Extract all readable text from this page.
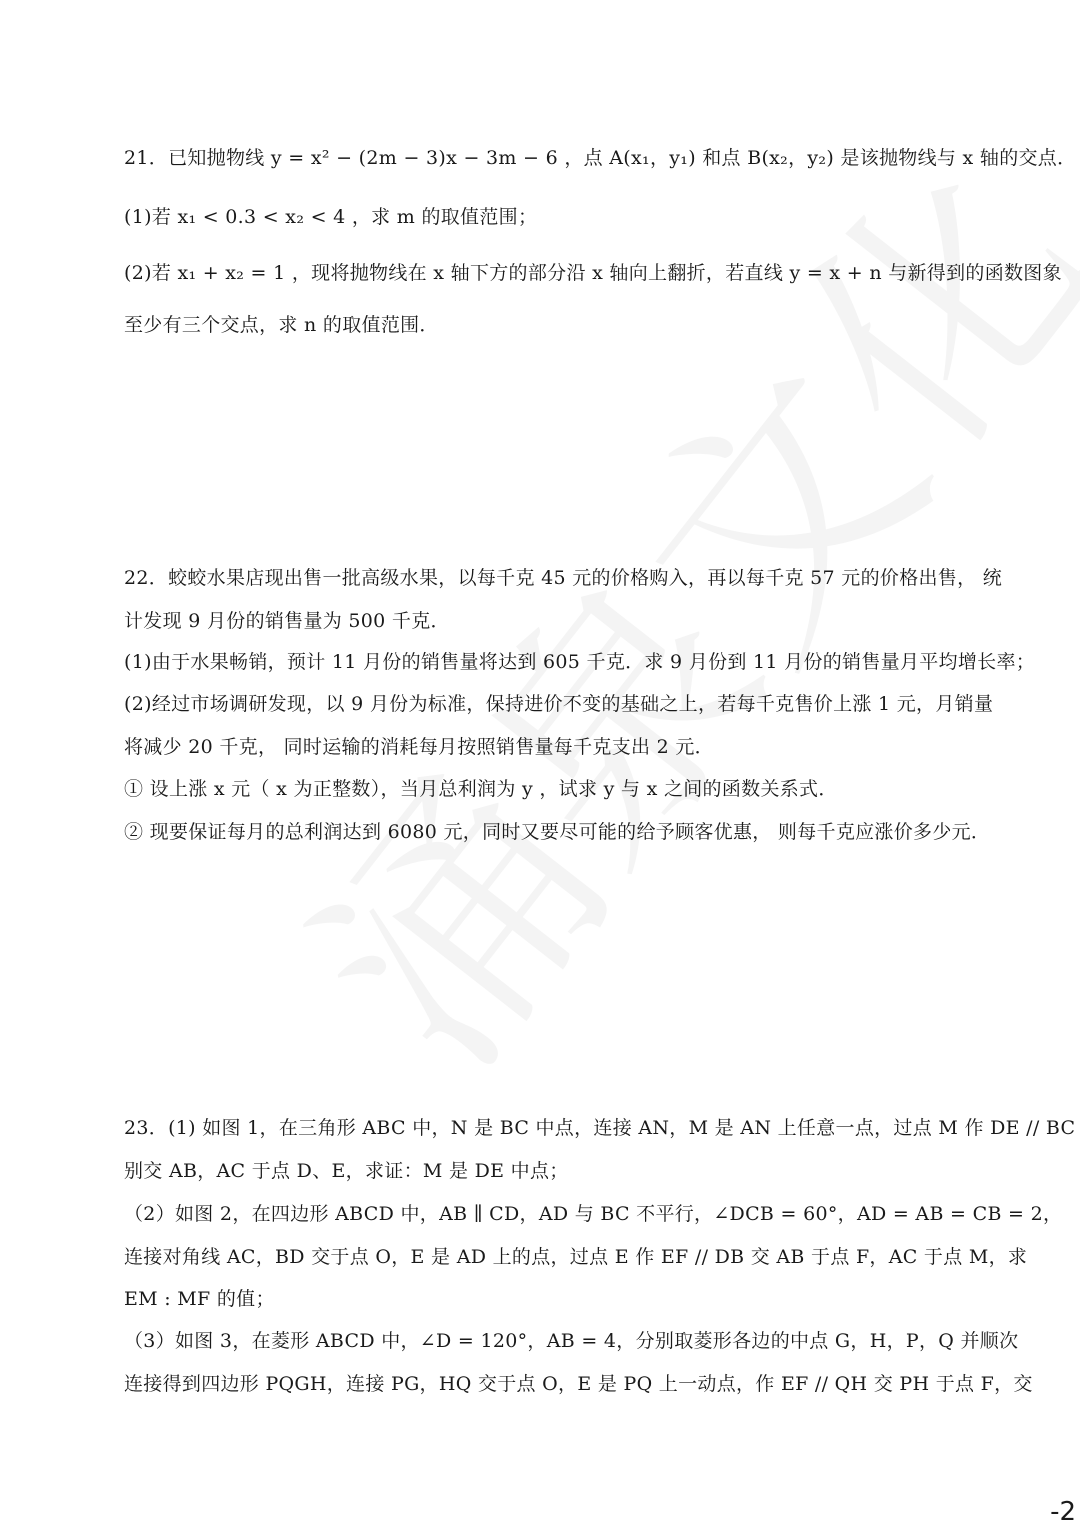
21．已知抛物线 y = x² − (2m − 3)x − 3m − 6 ，点 A(x₁，y₁) 和点 B(x₂，y₂) 是该抛物线与 x 轴的交点．
(1)若 x₁ < 0.3 < x₂ < 4 ，求 m 的取值范围；
(2)若 x₁ + x₂ = 1 ，现将抛物线在 x 轴下方的部分沿 x 轴向上翻折，若直线 y = x + n 与新得到的函数图象
至少有三个交点，求 n 的取值范围．
22．蛟蛟水果店现出售一批高级水果，以每千克 45 元的价格购入，再以每千克 57 元的价格出售， 统
计发现 9 月份的销售量为 500 千克．
(1)由于水果畅销，预计 11 月份的销售量将达到 605 千克．求 9 月份到 11 月份的销售量月平均增长率；
(2)经过市场调研发现，以 9 月份为标准，保持进价不变的基础之上，若每千克售价上涨 1 元，月销量
将减少 20 千克， 同时运输的消耗每月按照销售量每千克支出 2 元．
① 设上涨 x 元（ x 为正整数），当月总利润为 y ，试求 y 与 x 之间的函数关系式．
② 现要保证每月的总利润达到 6080 元，同时又要尽可能的给予顾客优惠， 则每千克应涨价多少元．
23．(1) 如图 1，在三角形 ABC 中，N 是 BC 中点，连接 AN，M 是 AN 上任意一点，过点 M 作 DE // BC
别交 AB，AC 于点 D、E，求证：M 是 DE 中点；
（2）如图 2，在四边形 ABCD 中，AB ∥ CD，AD 与 BC 不平行，∠DCB = 60°，AD = AB = CB = 2，
连接对角线 AC，BD 交于点 O，E 是 AD 上的点，过点 E 作 EF // DB 交 AB 于点 F，AC 于点 M，求
EM : MF 的值；
（3）如图 3，在菱形 ABCD 中，∠D = 120°，AB = 4，分别取菱形各边的中点 G，H，P，Q 并顺次
连接得到四边形 PQGH，连接 PG，HQ 交于点 O，E 是 PQ 上一动点，作 EF // QH 交 PH 于点 F，交
-2
